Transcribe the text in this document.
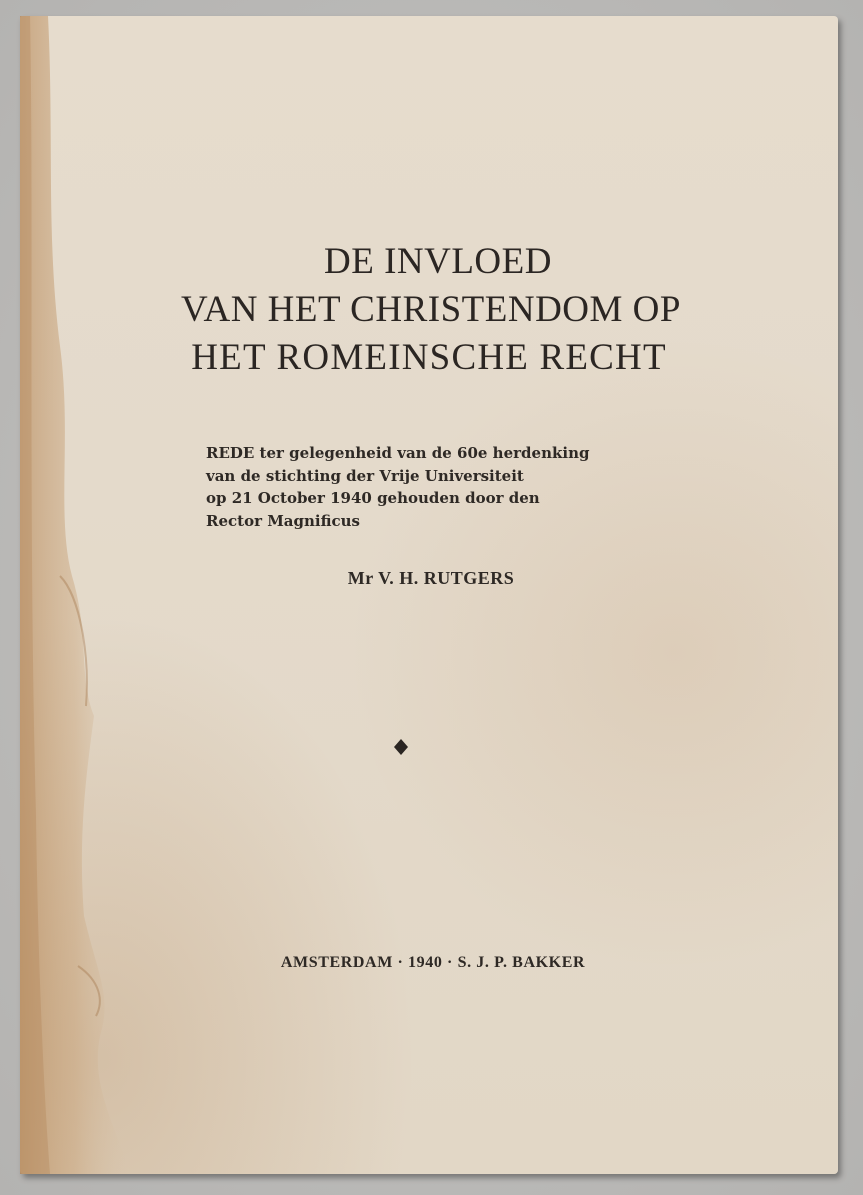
DE INVLOED
VAN HET CHRISTENDOM OP
HET ROMEINSCHE RECHT
REDE ter gelegenheid van de 60e herdenking
van de stichting der Vrije Universiteit
op 21 October 1940 gehouden door den
Rector Magnificus
Mr V. H. RUTGERS
AMSTERDAM · 1940 · S. J. P. BAKKER
